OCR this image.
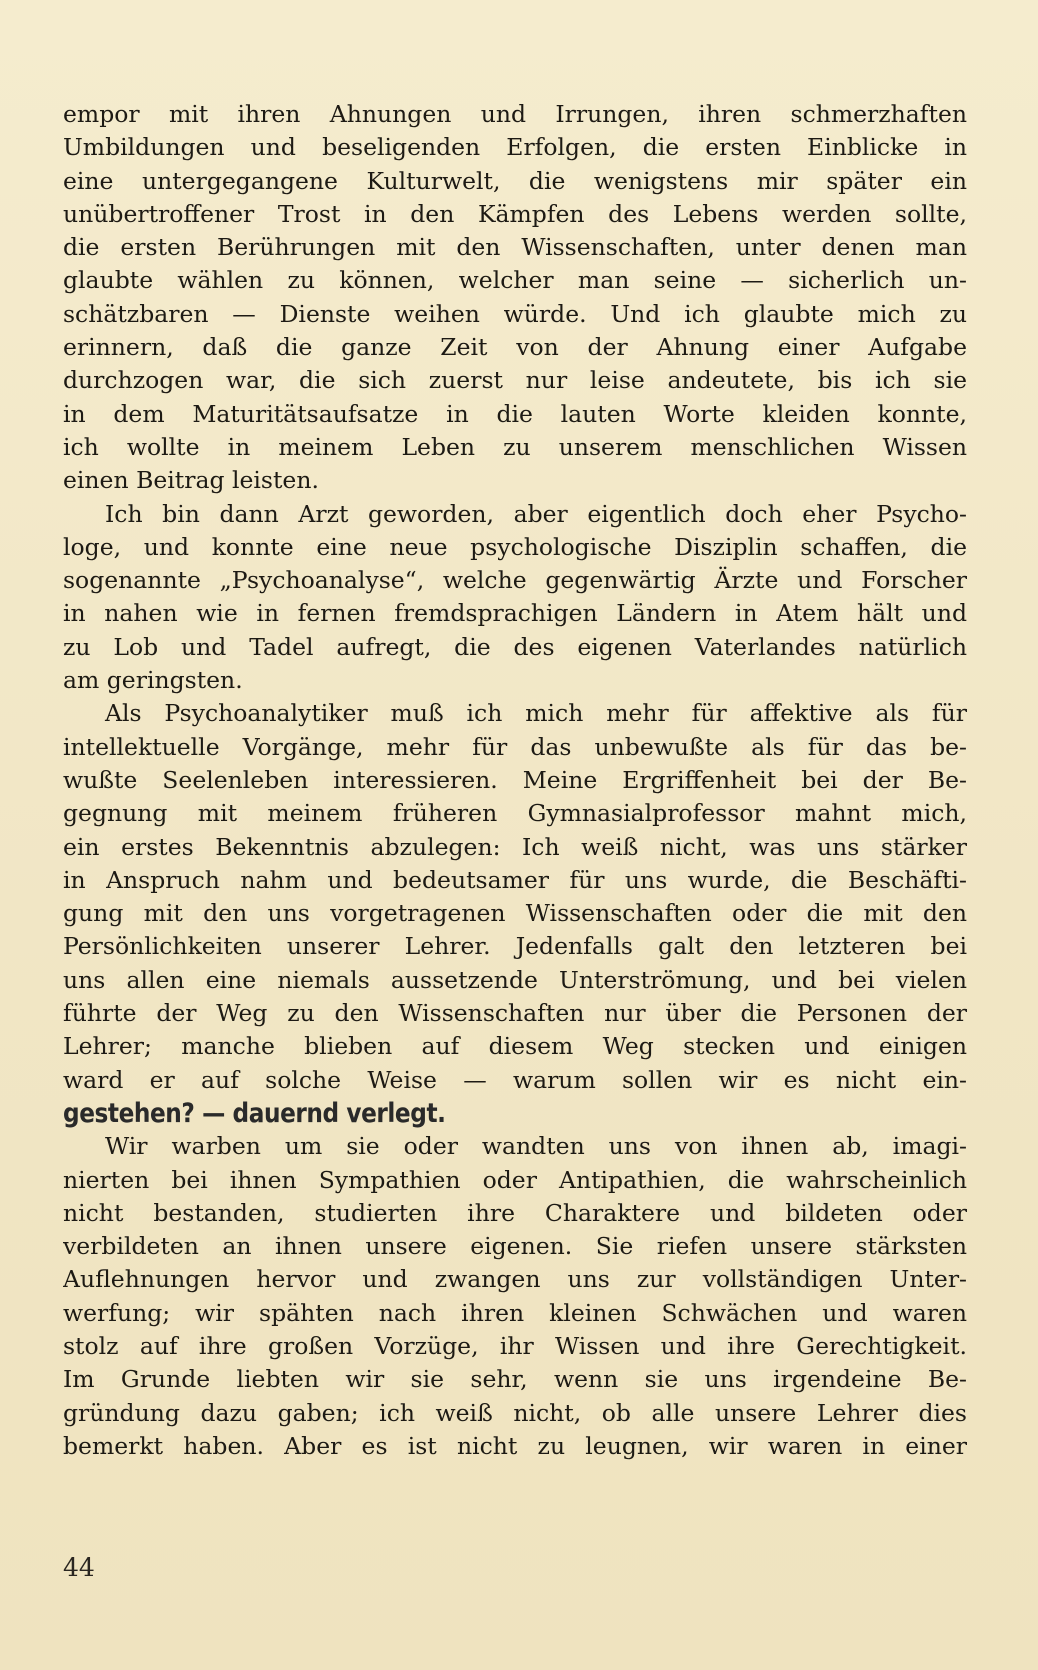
empor mit ihren Ahnungen und Irrungen, ihren schmerzhaften
Umbildungen und beseligenden Erfolgen, die ersten Einblicke in
eine untergegangene Kulturwelt, die wenigstens mir später ein
unübertroffener Trost in den Kämpfen des Lebens werden sollte,
die ersten Berührungen mit den Wissenschaften, unter denen man
glaubte wählen zu können, welcher man seine — sicherlich un-
schätzbaren — Dienste weihen würde. Und ich glaubte mich zu
erinnern, daß die ganze Zeit von der Ahnung einer Aufgabe
durchzogen war, die sich zuerst nur leise andeutete, bis ich sie
in dem Maturitätsaufsatze in die lauten Worte kleiden konnte,
ich wollte in meinem Leben zu unserem menschlichen Wissen
einen Beitrag leisten.
Ich bin dann Arzt geworden, aber eigentlich doch eher Psycho-
loge, und konnte eine neue psychologische Disziplin schaffen, die
sogenannte „Psychoanalyse“, welche gegenwärtig Ärzte und Forscher
in nahen wie in fernen fremdsprachigen Ländern in Atem hält und
zu Lob und Tadel aufregt, die des eigenen Vaterlandes natürlich
am geringsten.
Als Psychoanalytiker muß ich mich mehr für affektive als für
intellektuelle Vorgänge, mehr für das unbewußte als für das be-
wußte Seelenleben interessieren. Meine Ergriffenheit bei der Be-
gegnung mit meinem früheren Gymnasialprofessor mahnt mich,
ein erstes Bekenntnis abzulegen: Ich weiß nicht, was uns stärker
in Anspruch nahm und bedeutsamer für uns wurde, die Beschäfti-
gung mit den uns vorgetragenen Wissenschaften oder die mit den
Persönlichkeiten unserer Lehrer. Jedenfalls galt den letzteren bei
uns allen eine niemals aussetzende Unterströmung, und bei vielen
führte der Weg zu den Wissenschaften nur über die Personen der
Lehrer; manche blieben auf diesem Weg stecken und einigen
ward er auf solche Weise — warum sollen wir es nicht ein-
gestehen? — dauernd verlegt.
Wir warben um sie oder wandten uns von ihnen ab, imagi-
nierten bei ihnen Sympathien oder Antipathien, die wahrscheinlich
nicht bestanden, studierten ihre Charaktere und bildeten oder
verbildeten an ihnen unsere eigenen. Sie riefen unsere stärksten
Auflehnungen hervor und zwangen uns zur vollständigen Unter-
werfung; wir spähten nach ihren kleinen Schwächen und waren
stolz auf ihre großen Vorzüge, ihr Wissen und ihre Gerechtigkeit.
Im Grunde liebten wir sie sehr, wenn sie uns irgendeine Be-
gründung dazu gaben; ich weiß nicht, ob alle unsere Lehrer dies
bemerkt haben. Aber es ist nicht zu leugnen, wir waren in einer
44
